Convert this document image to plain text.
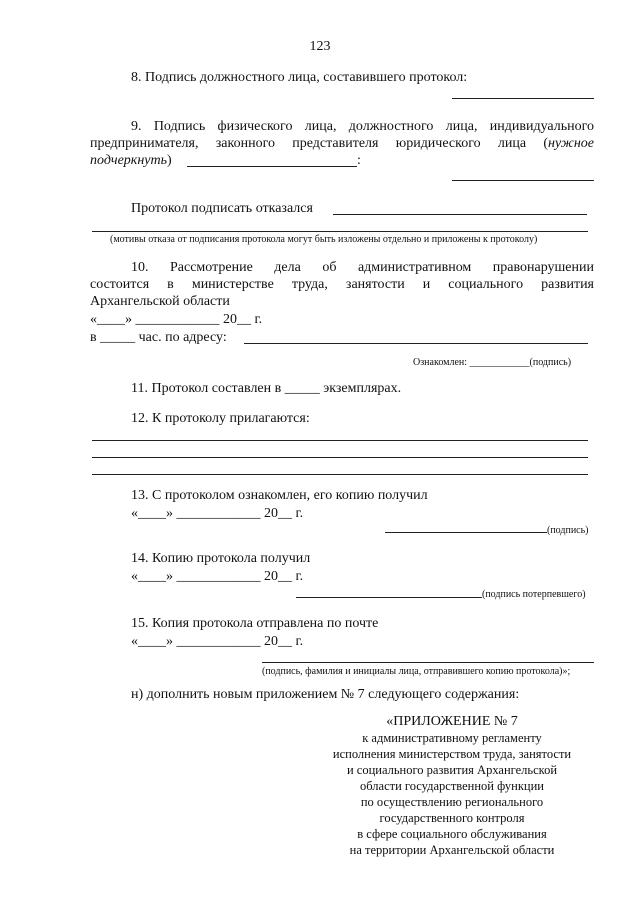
123
8. Подпись должностного лица, составившего протокол:
9. Подпись физического лица, должностного лица, индивидуального
предпринимателя, законного представителя юридического лица (нужное
подчеркнуть)	:
Протокол подписать отказался
(мотивы отказа от подписания протокола могут быть изложены отдельно и приложены к протоколу)
10. Рассмотрение дела об административном правонарушении
состоится в министерстве труда, занятости и социального развития
Архангельской области
«____» ____________ 20__ г.
в _____ час. по адресу:
Ознакомлен: ____________(подпись)
11. Протокол составлен в _____ экземплярах.
12. К протоколу прилагаются:
13. С протоколом ознакомлен, его копию получил
«____» ____________ 20__ г.
(подпись)
14. Копию протокола получил
«____» ____________ 20__ г.
(подпись потерпевшего)
15. Копия протокола отправлена по почте
«____» ____________ 20__ г.
(подпись, фамилия и инициалы лица, отправившего копию протокола)»;
н) дополнить новым приложением № 7 следующего содержания:
«ПРИЛОЖЕНИЕ № 7
к административному регламенту
исполнения министерством труда, занятости
и социального развития Архангельской
области государственной функции
по осуществлению регионального
государственного контроля
в сфере социального обслуживания
на территории Архангельской области
